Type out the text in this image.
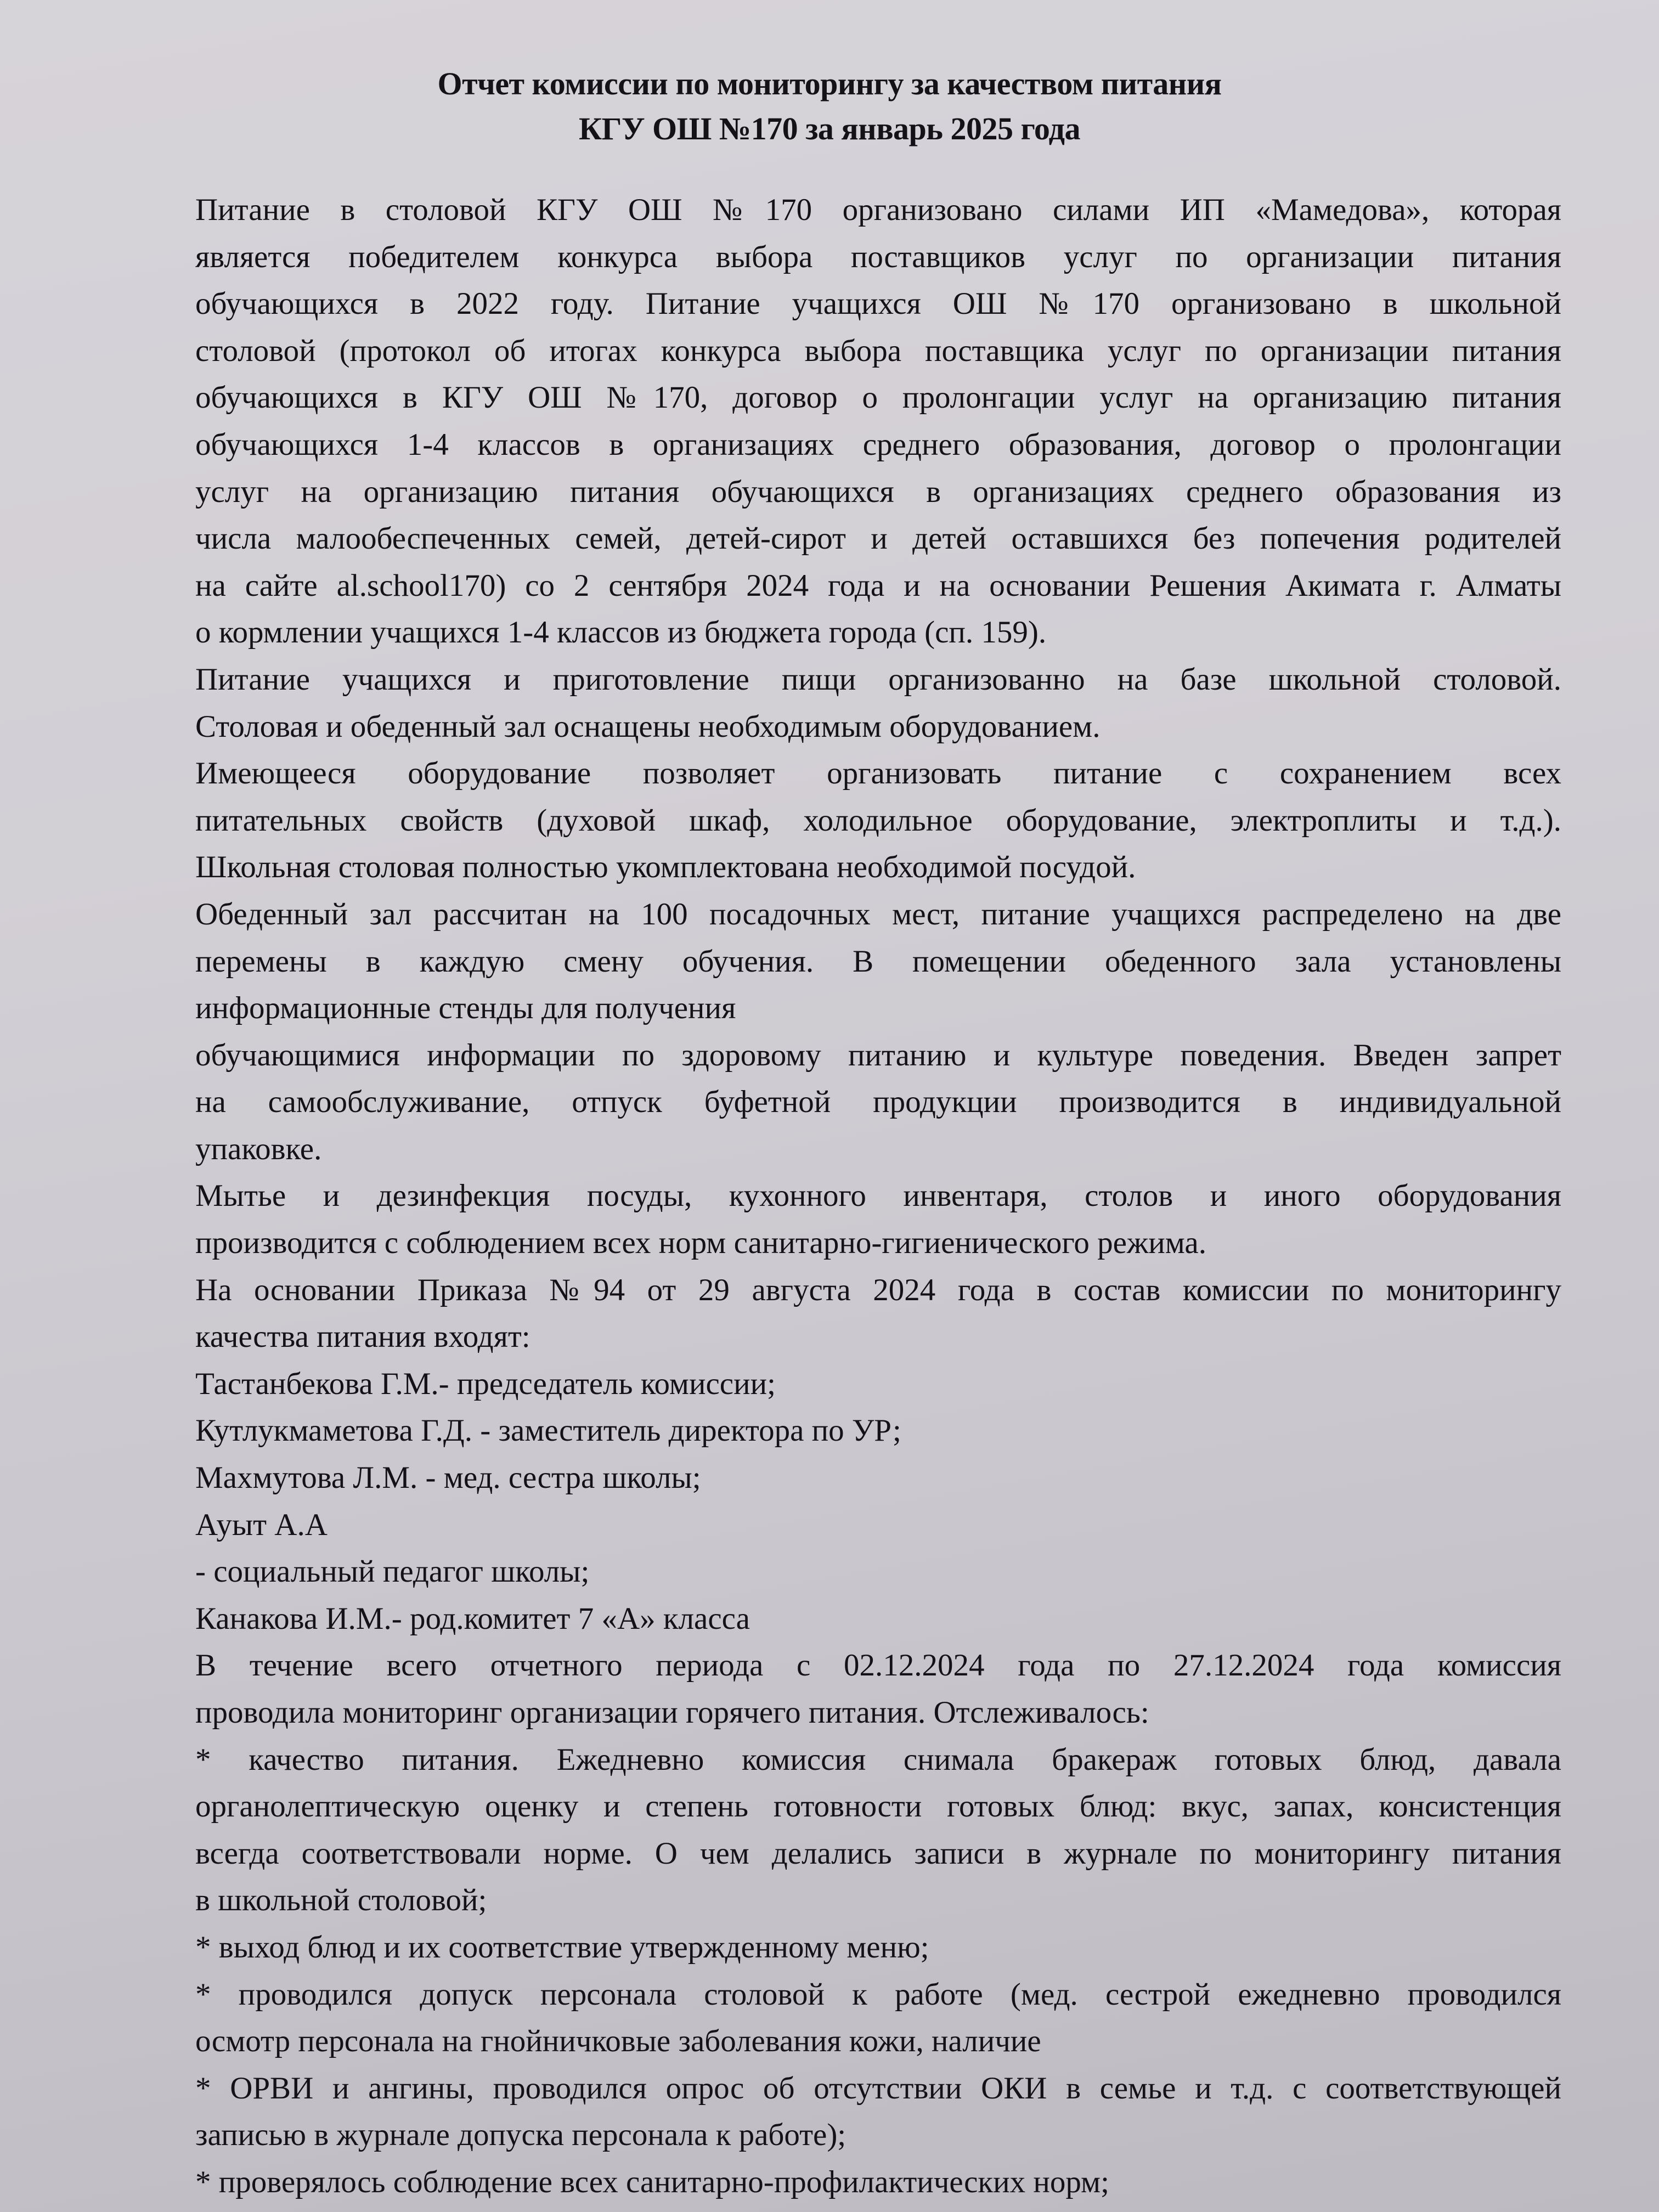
Отчет комиссии по мониторингу за качеством питания
КГУ ОШ №170 за январь 2025 года
Питание в столовой КГУ ОШ №170 организовано силами ИП «Мамедова», которая
является победителем конкурса выбора поставщиков услуг по организации питания
обучающихся в 2022 году. Питание учащихся ОШ №170 организовано в школьной
столовой (протокол об итогах конкурса выбора поставщика услуг по организации питания
обучающихся в КГУ ОШ №170, договор о пролонгации услуг на организацию питания
обучающихся 1-4 классов в организациях среднего образования, договор о пролонгации
услуг на организацию питания обучающихся в организациях среднего образования из
числа малообеспеченных семей, детей-сирот и детей оставшихся без попечения родителей
на сайте al.school170) со 2 сентября 2024 года и на основании Решения Акимата г. Алматы
о кормлении учащихся 1-4 классов из бюджета города (сп. 159).
Питание учащихся и приготовление пищи организованно на базе школьной столовой.
Столовая и обеденный зал оснащены необходимым оборудованием.
Имеющееся оборудование позволяет организовать питание с сохранением всех
питательных свойств (духовой шкаф, холодильное оборудование, электроплиты и т.д.).
Школьная столовая полностью укомплектована необходимой посудой.
Обеденный зал рассчитан на 100 посадочных мест, питание учащихся распределено на две
перемены в каждую смену обучения. В помещении обеденного зала установлены
информационные стенды для получения
обучающимися информации по здоровому питанию и культуре поведения. Введен запрет
на самообслуживание, отпуск буфетной продукции производится в индивидуальной
упаковке.
Мытье и дезинфекция посуды, кухонного инвентаря, столов и иного оборудования
производится с соблюдением всех норм санитарно-гигиенического режима.
На основании Приказа №94 от 29 августа 2024 года в состав комиссии по мониторингу
качества питания входят:
Тастанбекова Г.М.- председатель комиссии;
Кутлукмаметова Г.Д. - заместитель директора по УР;
Махмутова Л.М. - мед. сестра школы;
Ауыт А.А
- социальный педагог школы;
Канакова И.М.- род.комитет 7 «А» класса
В течение всего отчетного периода с 02.12.2024 года по 27.12.2024 года комиссия
проводила мониторинг организации горячего питания. Отслеживалось:
* качество питания. Ежедневно комиссия снимала бракераж готовых блюд, давала
органолептическую оценку и степень готовности готовых блюд: вкус, запах, консистенция
всегда соответствовали норме. О чем делались записи в журнале по мониторингу питания
в школьной столовой;
* выход блюд и их соответствие утвержденному меню;
* проводился допуск персонала столовой к работе (мед. сестрой ежедневно проводился
осмотр персонала на гнойничковые заболевания кожи, наличие
* ОРВИ и ангины, проводился опрос об отсутствии ОКИ в семье и т.д. с соответствующей
записью в журнале допуска персонала к работе);
* проверялось соблюдение всех санитарно-профилактических норм;
